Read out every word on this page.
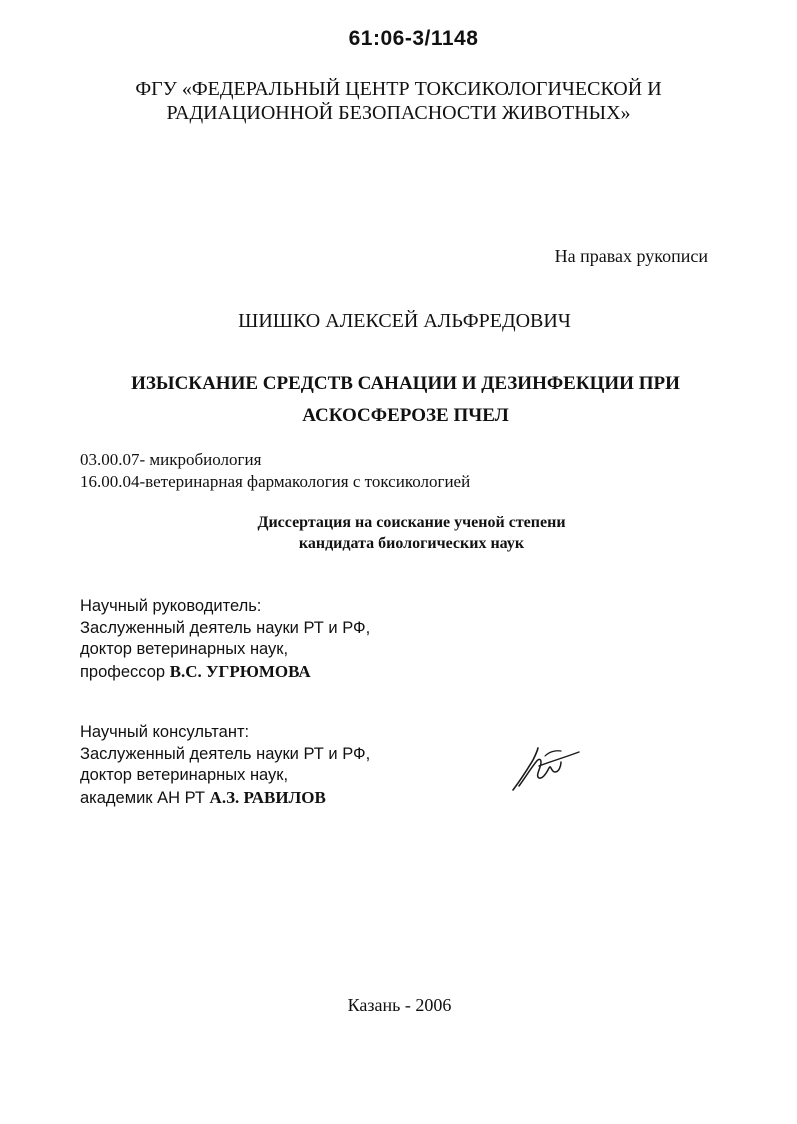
61:06-3/1148
ФГУ «ФЕДЕРАЛЬНЫЙ ЦЕНТР ТОКСИКОЛОГИЧЕСКОЙ И
РАДИАЦИОННОЙ БЕЗОПАСНОСТИ ЖИВОТНЫХ»
На правах рукописи
ШИШКО АЛЕКСЕЙ АЛЬФРЕДОВИЧ
ИЗЫСКАНИЕ СРЕДСТВ САНАЦИИ И ДЕЗИНФЕКЦИИ ПРИ
АСКОСФЕРОЗЕ ПЧЕЛ
03.00.07- микробиология
16.00.04-ветеринарная фармакология с токсикологией
Диссертация на соискание ученой степени
кандидата биологических наук
Научный руководитель:
Заслуженный деятель науки РТ и РФ,
доктор ветеринарных наук,
профессор В.С. УГРЮМОВА
Научный консультант:
Заслуженный деятель науки РТ и РФ,
доктор ветеринарных наук,
академик АН РТ А.З. РАВИЛОВ
Казань - 2006
